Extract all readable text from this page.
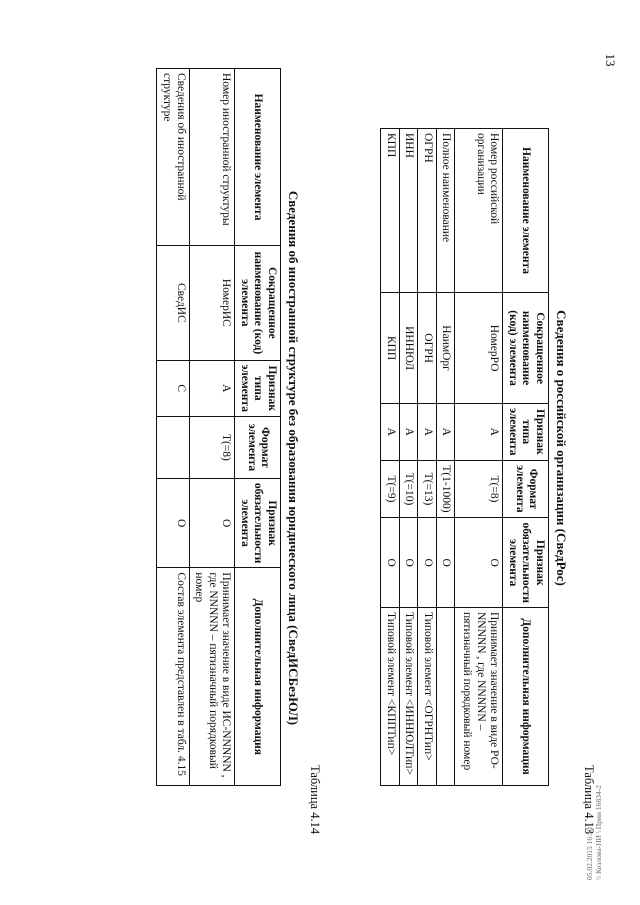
13
Таблица 4.13
Сведения о российской организации (СведРос)
Наименование элемента	Сокращенное наименование (код) элемента	Признак типа элемента	Формат элемента	Признак обязательности элемента	Дополнительная информация
Номер российской организации	НомерРО	А	T(=8)	О	Принимает значение в виде РО-NNNNN , где NNNNN – пятизначный порядковый номер
Полное наименование	НаимОрг	А	T(1-1000)	О	
ОГРН	ОГРН	А	T(=13)	О	Типовой элемент <ОГРНТип>
ИНН	ИННЮЛ	А	T(=10)	О	Типовой элемент <ИННЮЛТип>
КПП	КПП	А	T(=9)	О	Типовой элемент <КППТип>
Таблица 4.14
Сведения об иностранной структуре без образования юридического лица (СведИСБезЮЛ)
Наименование элемента	Сокращенное наименование (код) элемента	Признак типа элемента	Формат элемента	Признак обязательности элемента	Дополнительная информация
Номер иностранной структуры	НомерИС	А	T(=8)	О	Принимает значение в виде ИС-NNNNN , где NNNNN – пятизначный порядковый номер
Сведения об иностранной структуре	СведИС	С		О	Состав элемента представлен в табл. 4.15
05.02.2015 16:50 \\ Козлова-НИ \ Прин 16834-2
